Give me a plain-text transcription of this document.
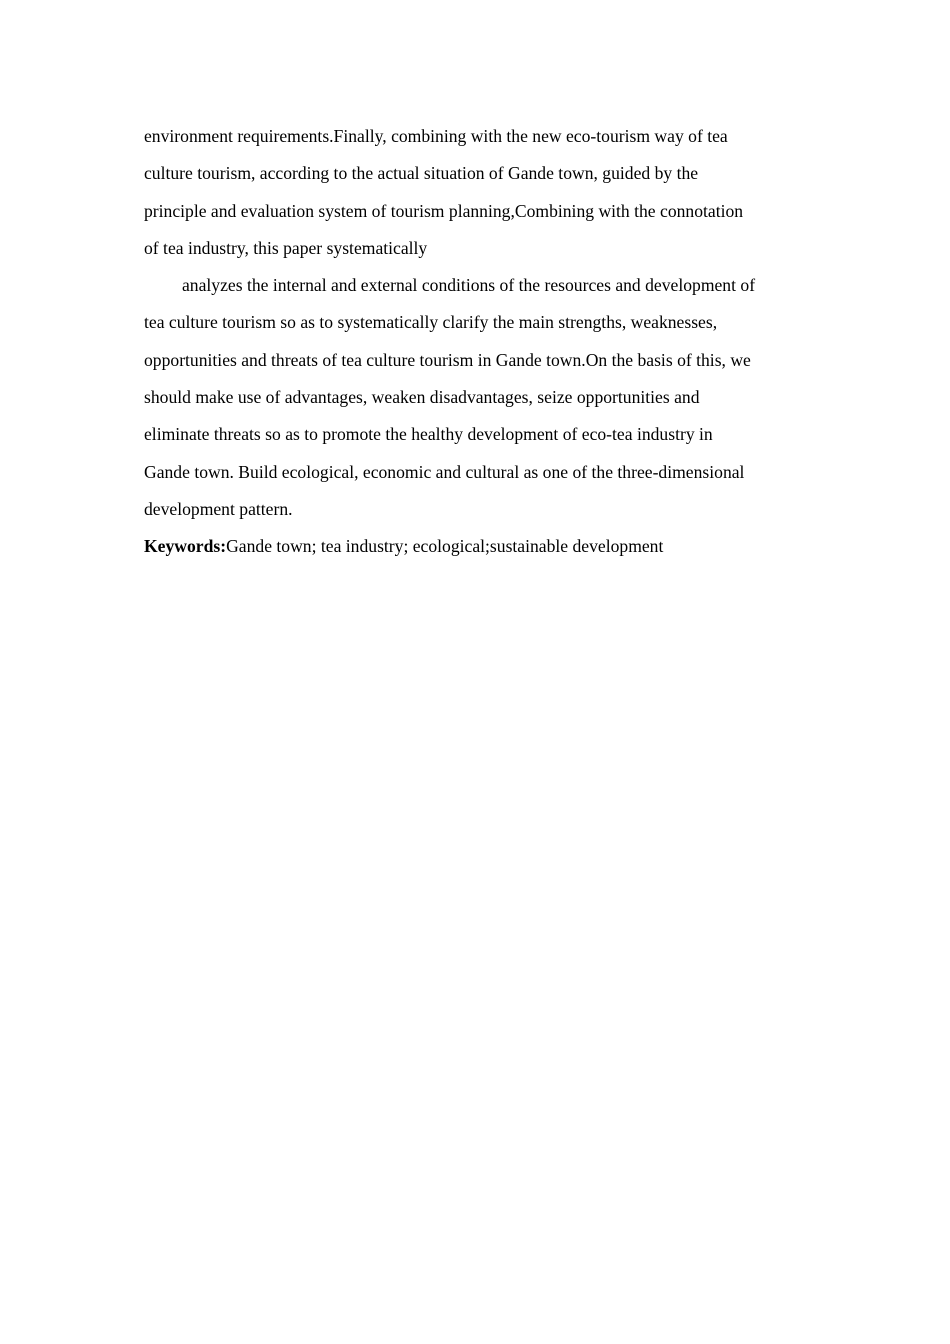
environment requirements.Finally, combining with the new eco-tourism way of tea
culture tourism, according to the actual situation of Gande town, guided by the
principle and evaluation system of tourism planning,Combining with the connotation
of tea industry, this paper systematically
analyzes the internal and external conditions of the resources and development of
tea culture tourism so as to systematically clarify the main strengths, weaknesses,
opportunities and threats of tea culture tourism in Gande town.On the basis of this, we
should make use of advantages, weaken disadvantages, seize opportunities and
eliminate threats so as to promote the healthy development of eco-tea industry in
Gande town. Build ecological, economic and cultural as one of the three-dimensional
development pattern.
Keywords:Gande town; tea industry; ecological;sustainable development
